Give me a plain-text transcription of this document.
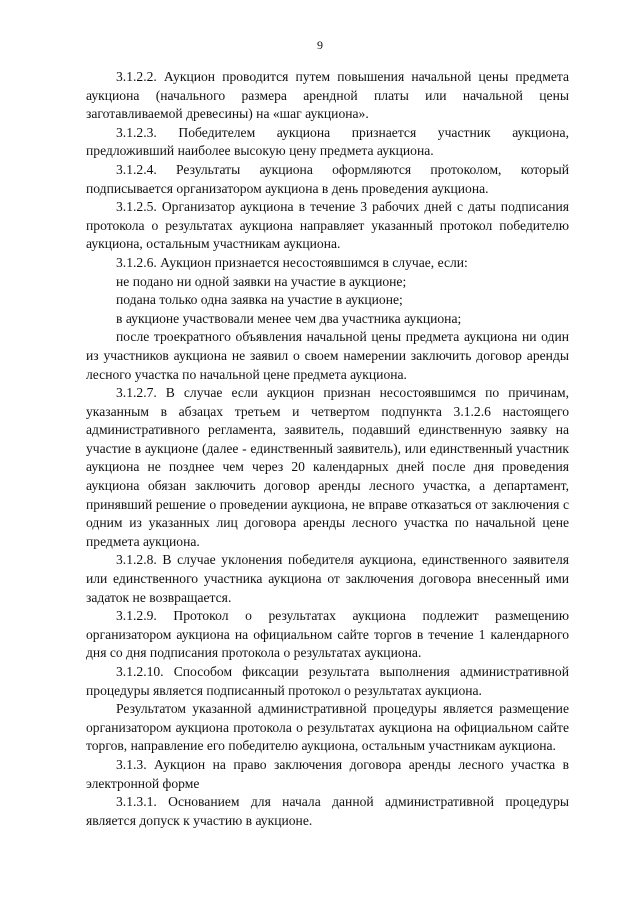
9

3.1.2.2. Аукцион проводится путем повышения начальной цены предмета аукциона (начального размера арендной платы или начальной цены заготавливаемой древесины) на «шаг аукциона».

3.1.2.3. Победителем аукциона признается участник аукциона, предложивший наиболее высокую цену предмета аукциона.

3.1.2.4. Результаты аукциона оформляются протоколом, который подписывается организатором аукциона в день проведения аукциона.

3.1.2.5. Организатор аукциона в течение 3 рабочих дней с даты подписания протокола о результатах аукциона направляет указанный протокол победителю аукциона, остальным участникам аукциона.

3.1.2.6. Аукцион признается несостоявшимся в случае, если:

не подано ни одной заявки на участие в аукционе;

подана только одна заявка на участие в аукционе;

в аукционе участвовали менее чем два участника аукциона;

после троекратного объявления начальной цены предмета аукциона ни один из участников аукциона не заявил о своем намерении заключить договор аренды лесного участка по начальной цене предмета аукциона.

3.1.2.7. В случае если аукцион признан несостоявшимся по причинам, указанным в абзацах третьем и четвертом подпункта 3.1.2.6 настоящего административного регламента, заявитель, подавший единственную заявку на участие в аукционе (далее - единственный заявитель), или единственный участник аукциона не позднее чем через 20 календарных дней после дня проведения аукциона обязан заключить договор аренды лесного участка, а департамент, принявший решение о проведении аукциона, не вправе отказаться от заключения с одним из указанных лиц договора аренды лесного участка по начальной цене предмета аукциона.

3.1.2.8. В случае уклонения победителя аукциона, единственного заявителя или единственного участника аукциона от заключения договора внесенный ими задаток не возвращается.

3.1.2.9. Протокол о результатах аукциона подлежит размещению организатором аукциона на официальном сайте торгов в течение 1 календарного дня со дня подписания протокола о результатах аукциона.

3.1.2.10. Способом фиксации результата выполнения административной процедуры является подписанный протокол о результатах аукциона.

Результатом указанной административной процедуры является размещение организатором аукциона протокола о результатах аукциона на официальном сайте торгов, направление его победителю аукциона, остальным участникам аукциона.

3.1.3. Аукцион на право заключения договора аренды лесного участка в электронной форме

3.1.3.1. Основанием для начала данной административной процедуры является допуск к участию в аукционе.
